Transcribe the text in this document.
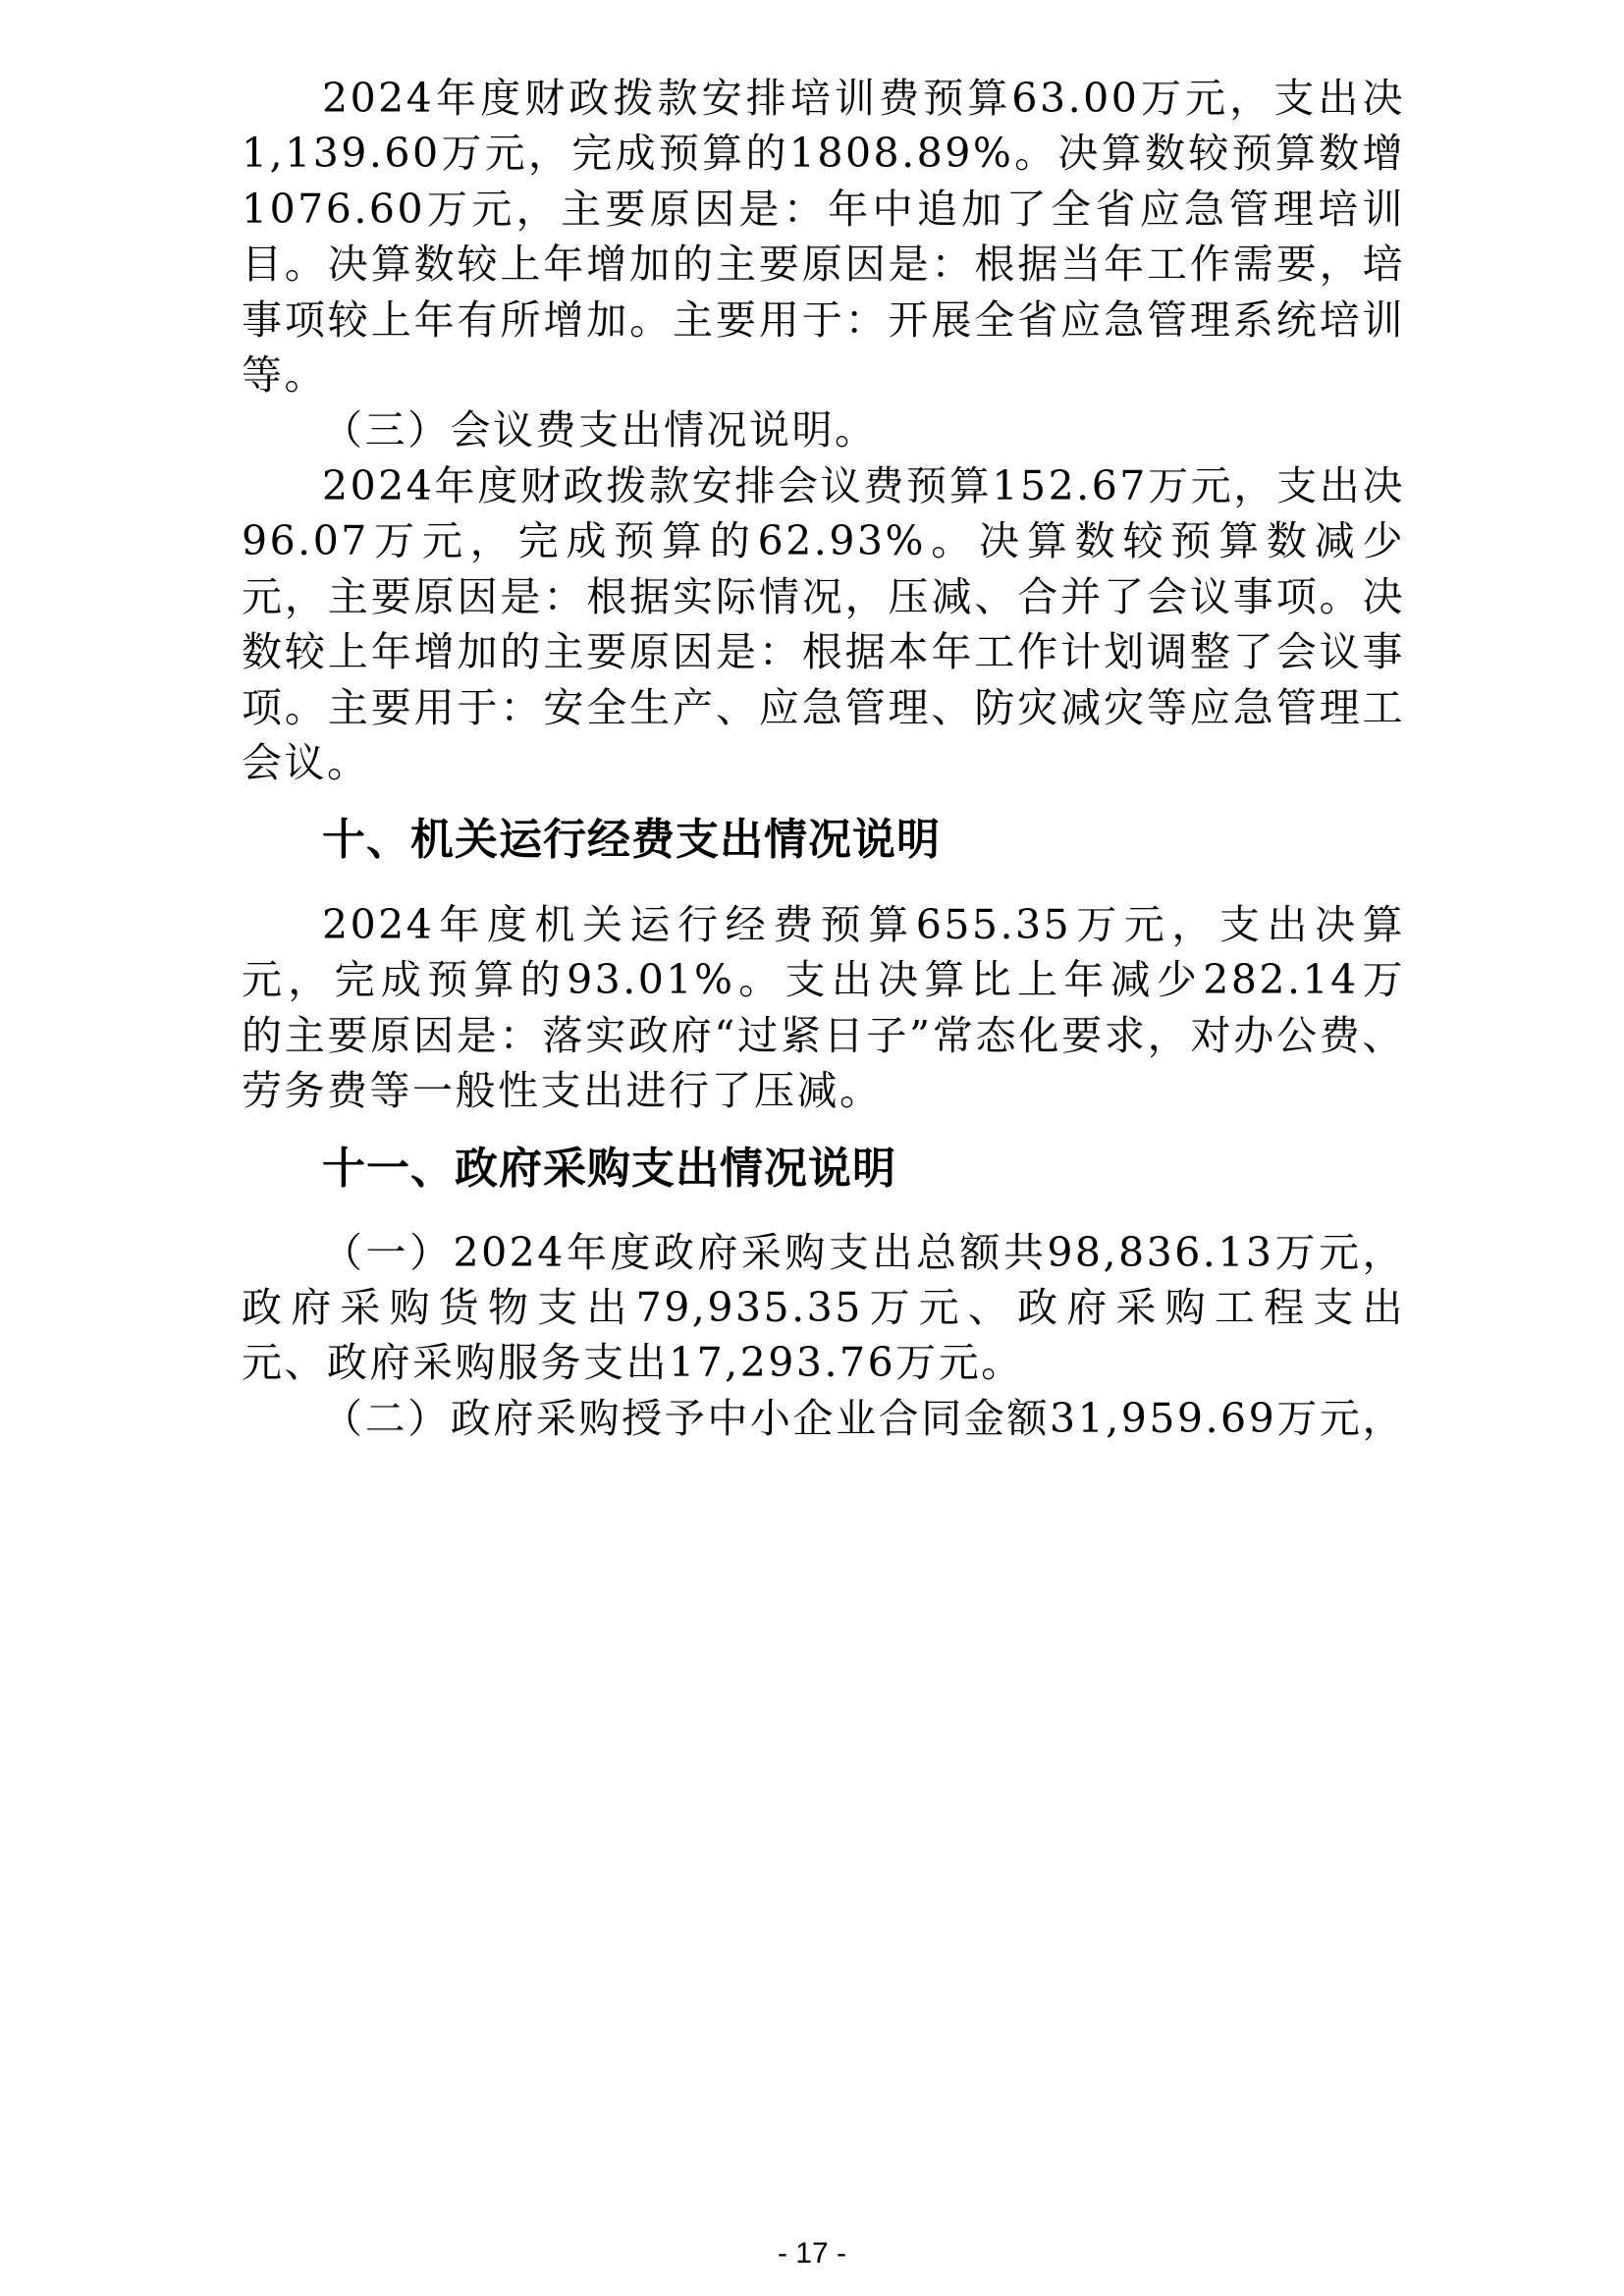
2024年度财政拨款安排培训费预算63.00万元，支出决
1,139.60万元，完成预算的1808.89%。决算数较预算数增
1076.60万元，主要原因是：年中追加了全省应急管理培训
目。决算数较上年增加的主要原因是：根据当年工作需要，培
事项较上年有所增加。主要用于：开展全省应急管理系统培训
等。
（三）会议费支出情况说明。
2024年度财政拨款安排会议费预算152.67万元，支出决
96.07万元，完成预算的62.93%。决算数较预算数减少
元，主要原因是：根据实际情况，压减、合并了会议事项。决
数较上年增加的主要原因是：根据本年工作计划调整了会议事
项。主要用于：安全生产、应急管理、防灾减灾等应急管理工
会议。
十、机关运行经费支出情况说明
2024年度机关运行经费预算655.35万元，支出决算
元，完成预算的93.01%。支出决算比上年减少282.14万
的主要原因是：落实政府“过紧日子”常态化要求，对办公费、
劳务费等一般性支出进行了压减。
十一、政府采购支出情况说明
（一）2024年度政府采购支出总额共98,836.13万元，
政府采购货物支出79,935.35万元、政府采购工程支出
元、政府采购服务支出17,293.76万元。
（二）政府采购授予中小企业合同金额31,959.69万元，
- 17 -
